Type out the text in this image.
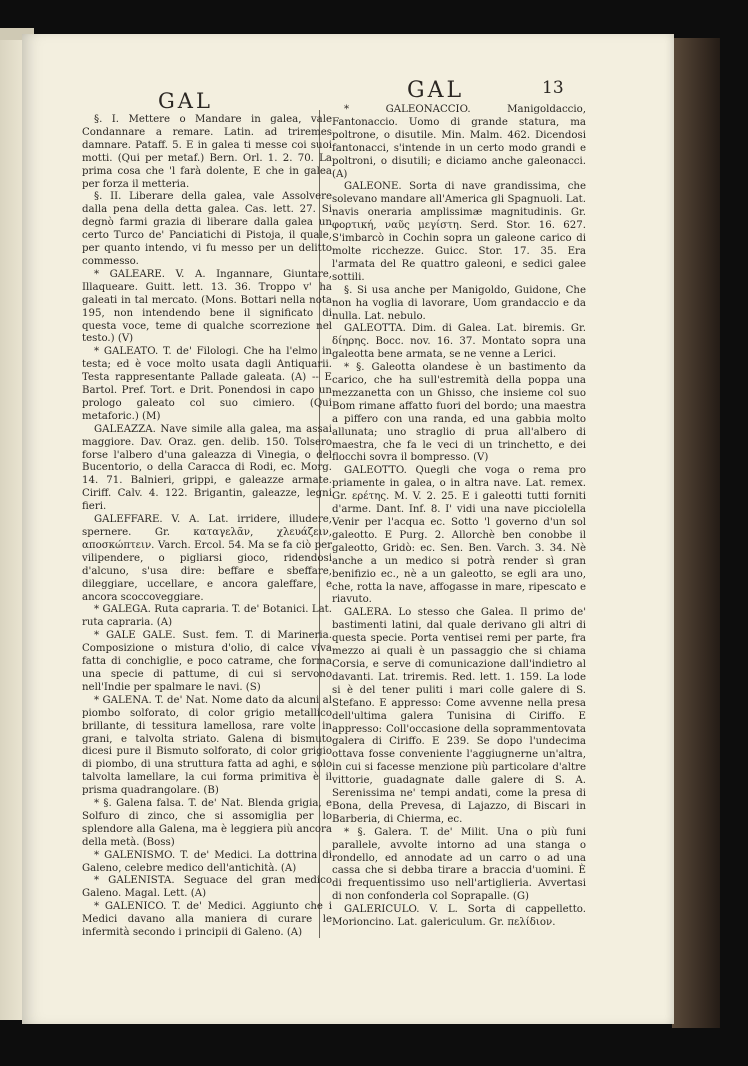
GAL	GAL	13

§. I. Mettere o Mandare in galea, vale Condannare a remare. Latin. ad triremes damnare. Pataff. 5. E in galea ti messe coi suoi motti. (Qui per metaf.) Bern. Orl. 1. 2. 70. La prima cosa che 'l farà dolente, E che in galea per forza il metteria.

§. II. Liberare della galea, vale Assolvere dalla pena della detta galea. Cas. lett. 27. Si degnò farmi grazia di liberare dalla galea un certo Turco de' Panciatichi di Pistoja, il quale, per quanto intendo, vi fu messo per un delitto commesso.

* GALEARE. V. A. Ingannare, Giuntare, Illaqueare. Guitt. lett. 13. 36. Troppo v' ha galeati in tal mercato. (Mons. Bottari nella nota 195, non intendendo bene il significato di questa voce, teme di qualche scorrezione nel testo.) (V)

* GALEATO. T. de' Filologi. Che ha l'elmo in testa; ed è voce molto usata dagli Antiquarii. Testa rappresentante Pallade galeata. (A) -- E Bartol. Pref. Tort. e Drit. Ponendosi in capo un prologo galeato col suo cimiero. (Qui metaforic.) (M)

GALEAZZA. Nave simile alla galea, ma assai maggiore. Dav. Oraz. gen. delib. 150. Tolsero forse l'albero d'una galeazza di Vinegia, o del Bucentorio, o della Caracca di Rodi, ec. Morg. 14. 71. Balnieri, grippi, e galeazze armate. Ciriff. Calv. 4. 122. Brigantin, galeazze, legni fieri.

GALEFFARE. V. A. Lat. irridere, illudere, spernere. Gr. καταγελᾶν, χλευάζειν, αποσκώπτειν. Varch. Ercol. 54. Ma se fa ciò per vilipendere, o pigliarsi gioco, ridendosi d'alcuno, s'usa dire: beffare e sbeffare, dileggiare, uccellare, e ancora galeffare, e ancora scoccoveggiare.

* GALEGA. Ruta capraria. T. de' Botanici. Lat. ruta capraria. (A)

* GALE GALE. Sust. fem. T. di Marineria. Composizione o mistura d'olio, di calce viva fatta di conchiglie, e poco catrame, che forma una specie di pattume, di cui si servono nell'Indie per spalmare le navi. (S)

* GALENA. T. de' Nat. Nome dato da alcuni al piombo solforato, di color grigio metallico brillante, di tessitura lamellosa, rare volte in grani, e talvolta striato. Galena di bismuto dicesi pure il Bismuto solforato, di color grigio di piombo, di una struttura fatta ad aghi, e solo talvolta lamellare, la cui forma primitiva è il prisma quadrangolare. (B)

* §. Galena falsa. T. de' Nat. Blenda grigia, e Solfuro di zinco, che si assomiglia per lo splendore alla Galena, ma è leggiera più ancora della metà. (Boss)

* GALENISMO. T. de' Medici. La dottrina di Galeno, celebre medico dell'antichità. (A)

* GALENISTA. Seguace del gran medico Galeno. Magal. Lett. (A)

* GALENICO. T. de' Medici. Aggiunto che i Medici davano alla maniera di curare le infermità secondo i principii di Galeno. (A)

* GALEONACCIO. Manigoldaccio, Fantonaccio. Uomo di grande statura, ma poltrone, o disutile. Min. Malm. 462. Dicendosi fantonacci, s'intende in un certo modo grandi e poltroni, o disutili; e diciamo anche galeonacci. (A)

GALEONE. Sorta di nave grandissima, che solevano mandare all'America gli Spagnuoli. Lat. navis oneraria amplissimæ magnitudinis. Gr. φορτική, ναῦς μεγίστη. Serd. Stor. 16. 627. S'imbarcò in Cochin sopra un galeone carico di molte ricchezze. Guicc. Stor. 17. 35. Era l'armata del Re quattro galeoni, e sedici galee sottili.

§. Si usa anche per Manigoldo, Guidone, Che non ha voglia di lavorare, Uom grandaccio e da nulla. Lat. nebulo.

GALEOTTA. Dim. di Galea. Lat. biremis. Gr. δίηρης. Bocc. nov. 16. 37. Montato sopra una galeotta bene armata, se ne venne a Lerici.

* §. Galeotta olandese è un bastimento da carico, che ha sull'estremità della poppa una mezzanetta con un Ghisso, che insieme col suo Bom rimane affatto fuori del bordo; una maestra a piffero con una randa, ed una gabbia molto allunata; uno straglio di prua all'albero di maestra, che fa le veci di un trinchetto, e dei flocchi sovra il bompresso. (V)

GALEOTTO. Quegli che voga o rema pro priamente in galea, o in altra nave. Lat. remex. Gr. ερέτης. M. V. 2. 25. E i galeotti tutti forniti d'arme. Dant. Inf. 8. I' vidi una nave picciolella Venir per l'acqua ec. Sotto 'l governo d'un sol galeotto. E Purg. 2. Allorchè ben conobbe il galeotto, Gridò: ec. Sen. Ben. Varch. 3. 34. Nè anche a un medico si potrà render sì gran benifizio ec., nè a un galeotto, se egli ara uno, che, rotta la nave, affogasse in mare, ripescato e riavuto.

GALERA. Lo stesso che Galea. Il primo de' bastimenti latini, dal quale derivano gli altri di questa specie. Porta ventisei remi per parte, fra mezzo ai quali è un passaggio che si chiama Corsia, e serve di comunicazione dall'indietro al davanti. Lat. triremis. Red. lett. 1. 159. La lode si è del tener puliti i mari colle galere di S. Stefano. E appresso: Come avvenne nella presa dell'ultima galera Tunisina di Ciriffo. E appresso: Coll'occasione della soprammentovata galera di Ciriffo. E 239. Se dopo l'undecima ottava fosse conveniente l'aggiugnerne un'altra, in cui si facesse menzione più particolare d'altre vittorie, guadagnate dalle galere di S. A. Serenissima ne' tempi andati, come la presa di Bona, della Prevesa, di Lajazzo, di Biscari in Barberia, di Chierma, ec.

* §. Galera. T. de' Milit. Una o più funi parallele, avvolte intorno ad una stanga o rondello, ed annodate ad un carro o ad una cassa che si debba tirare a braccia d'uomini. È di frequentissimo uso nell'artiglieria. Avvertasi di non confonderla col Soprapalle. (G)

GALERICULO. V. L. Sorta di cappelletto. Morioncino. Lat. galericulum. Gr. πελίδιον.
